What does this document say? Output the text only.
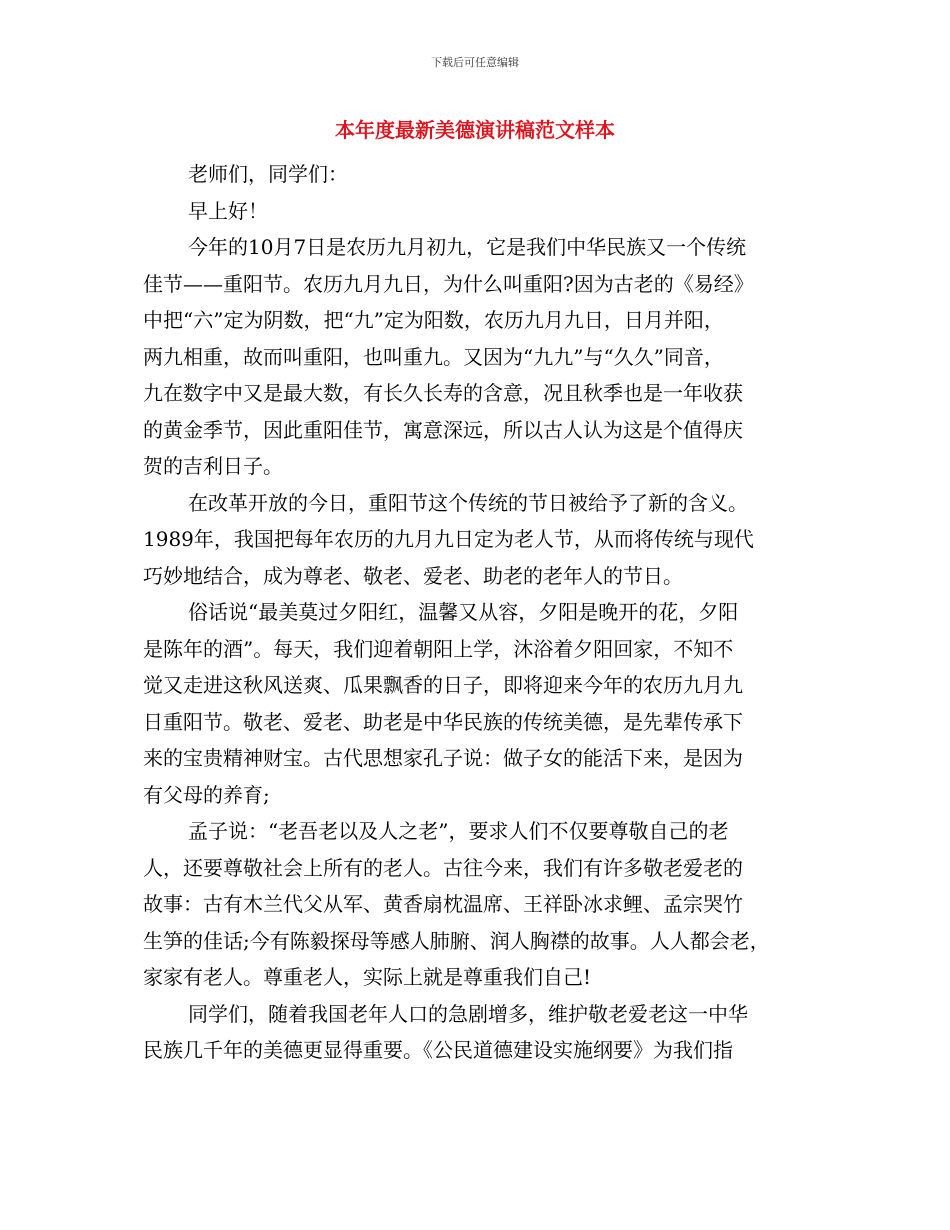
下载后可任意编辑
本年度最新美德演讲稿范文样本
老师们，同学们：
早上好！
今年的10月7日是农历九月初九，它是我们中华民族又一个传统
佳节——重阳节。农历九月九日，为什么叫重阳?因为古老的《易经》
中把“六”定为阴数，把“九”定为阳数，农历九月九日，日月并阳，
两九相重，故而叫重阳，也叫重九。又因为“九九”与“久久”同音，
九在数字中又是最大数，有长久长寿的含意，况且秋季也是一年收获
的黄金季节，因此重阳佳节，寓意深远，所以古人认为这是个值得庆
贺的吉利日子。
在改革开放的今日，重阳节这个传统的节日被给予了新的含义。
1989年，我国把每年农历的九月九日定为老人节，从而将传统与现代
巧妙地结合，成为尊老、敬老、爱老、助老的老年人的节日。
俗话说“最美莫过夕阳红，温馨又从容，夕阳是晚开的花，夕阳
是陈年的酒”。每天，我们迎着朝阳上学，沐浴着夕阳回家，不知不
觉又走进这秋风送爽、瓜果飘香的日子，即将迎来今年的农历九月九
日重阳节。敬老、爱老、助老是中华民族的传统美德，是先辈传承下
来的宝贵精神财宝。古代思想家孔子说：做子女的能活下来，是因为
有父母的养育;
孟子说：“老吾老以及人之老”，要求人们不仅要尊敬自己的老
人，还要尊敬社会上所有的老人。古往今来，我们有许多敬老爱老的
故事：古有木兰代父从军、黄香扇枕温席、王祥卧冰求鲤、孟宗哭竹
生笋的佳话;今有陈毅探母等感人肺腑、润人胸襟的故事。人人都会老，
家家有老人。尊重老人，实际上就是尊重我们自己!
同学们，随着我国老年人口的急剧增多，维护敬老爱老这一中华
民族几千年的美德更显得重要。《公民道德建设实施纲要》为我们指
